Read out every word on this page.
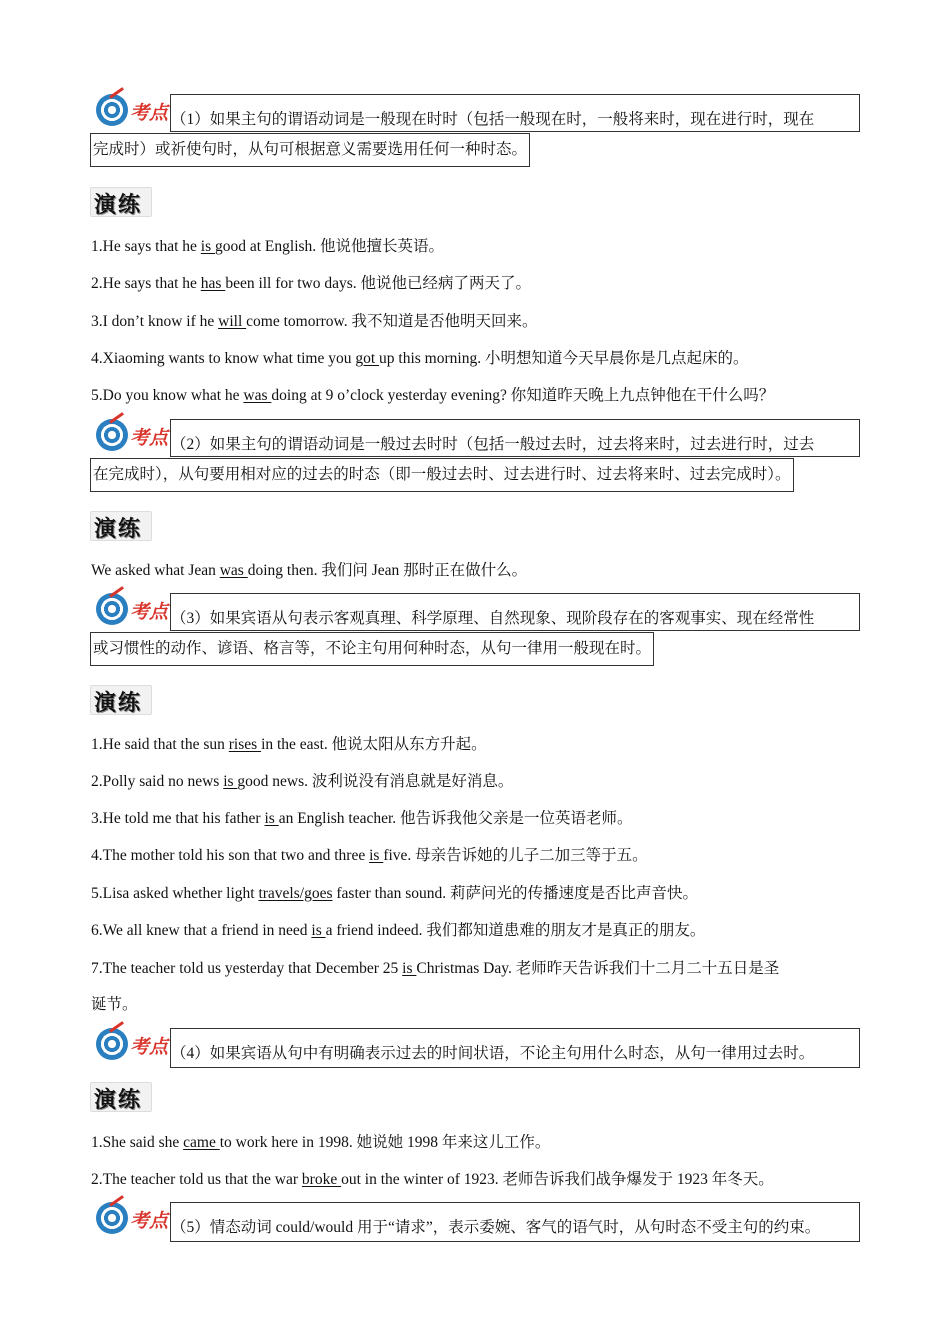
考点 （1）如果主句的谓语动词是一般现在时时（包括一般现在时，一般将来时，现在进行时，现在
完成时）或祈使句时，从句可根据意义需要选用任何一种时态。
演练
1.He says that he is good at English. 他说他擅长英语。
2.He says that he has been ill for two days. 他说他已经病了两天了。
3.I don’t know if he will come tomorrow. 我不知道是否他明天回来。
4.Xiaoming wants to know what time you got up this morning. 小明想知道今天早晨你是几点起床的。
5.Do you know what he was doing at 9 o’clock yesterday evening? 你知道昨天晚上九点钟他在干什么吗？
考点 （2）如果主句的谓语动词是一般过去时时（包括一般过去时，过去将来时，过去进行时，过去
在完成时），从句要用相对应的过去的时态（即一般过去时、过去进行时、过去将来时、过去完成时）。
演练
We asked what Jean was doing then. 我们问 Jean 那时正在做什么。
考点 （3）如果宾语从句表示客观真理、科学原理、自然现象、现阶段存在的客观事实、现在经常性
或习惯性的动作、谚语、格言等，不论主句用何种时态，从句一律用一般现在时。
演练
1.He said that the sun rises in the east. 他说太阳从东方升起。
2.Polly said no news is good news. 波利说没有消息就是好消息。
3.He told me that his father is an English teacher. 他告诉我他父亲是一位英语老师。
4.The mother told his son that two and three is five. 母亲告诉她的儿子二加三等于五。
5.Lisa asked whether light travels/goes faster than sound. 莉萨问光的传播速度是否比声音快。
6.We all knew that a friend in need is a friend indeed. 我们都知道患难的朋友才是真正的朋友。
7.The teacher told us yesterday that December 25 is Christmas Day. 老师昨天告诉我们十二月二十五日是圣
诞节。
考点 （4）如果宾语从句中有明确表示过去的时间状语，不论主句用什么时态，从句一律用过去时。
演练
1.She said she came to work here in 1998. 她说她 1998 年来这儿工作。
2.The teacher told us that the war broke out in the winter of 1923. 老师告诉我们战争爆发于 1923 年冬天。
考点 （5）情态动词 could/would 用于“请求”，表示委婉、客气的语气时，从句时态不受主句的约束。
